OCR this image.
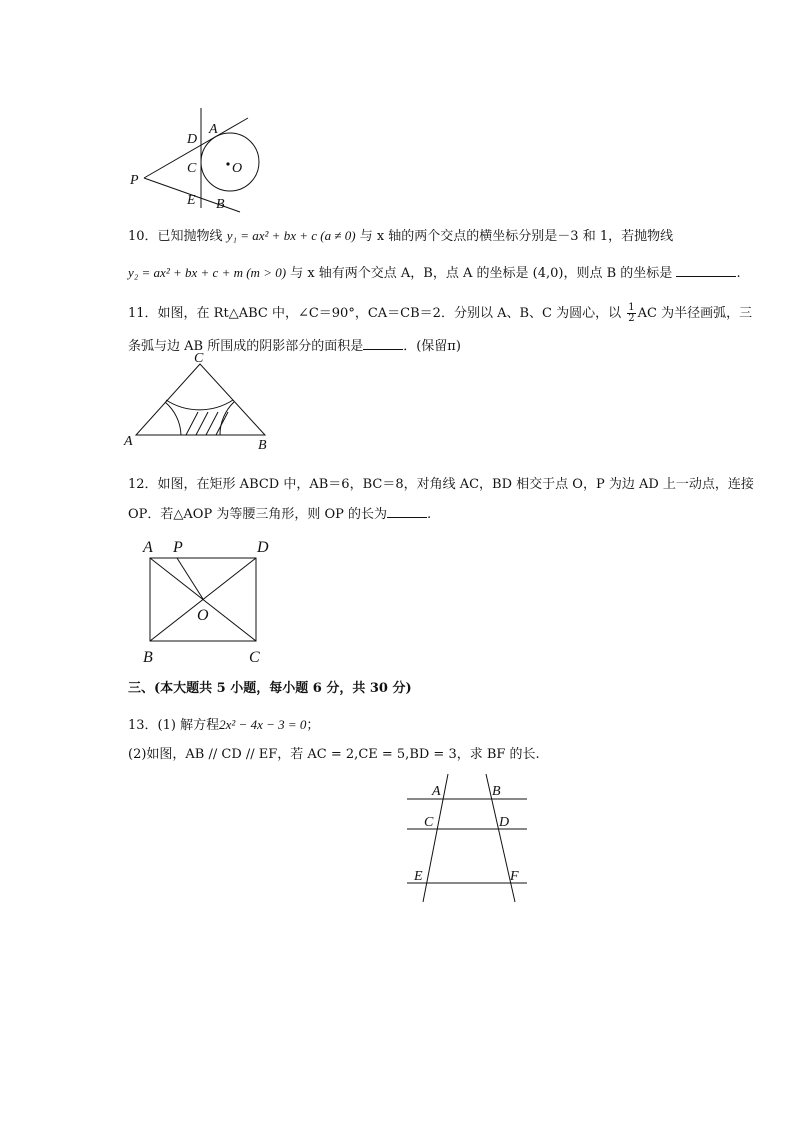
D
A
C	O
P
E B
10．已知抛物线 y₁ = ax² + bx + c (a ≠ 0) 与 x 轴的两个交点的横坐标分别是－3 和 1，若抛物线
y₂ = ax² + bx + c + m (m > 0) 与 x 轴有两个交点 A，B，点 A 的坐标是 (4,0)，则点 B 的坐标是	.
11．如图，在 Rt△ABC 中，∠C＝90°，CA＝CB＝2．分别以 A、B、C 为圆心，以 $\frac{1}{2}$ AC 为半径画弧，三
条弧与边 AB 所围成的阴影部分的面积是	．(保留π)
C
A	B
12．如图，在矩形 ABCD 中，AB＝6，BC＝8，对角线 AC，BD 相交于点 O，P 为边 AD 上一动点，连接
OP．若△AOP 为等腰三角形，则 OP 的长为	.
A P	D
O
B	C
三、(本大题共 5 小题，每小题 6 分，共 30 分)
13．(1) 解方程2x² − 4x − 3 = 0；
(2)如图，AB // CD // EF，若 AC = 2,CE = 5,BD = 3，求 BF 的长.
A	B
C	D
E	F
